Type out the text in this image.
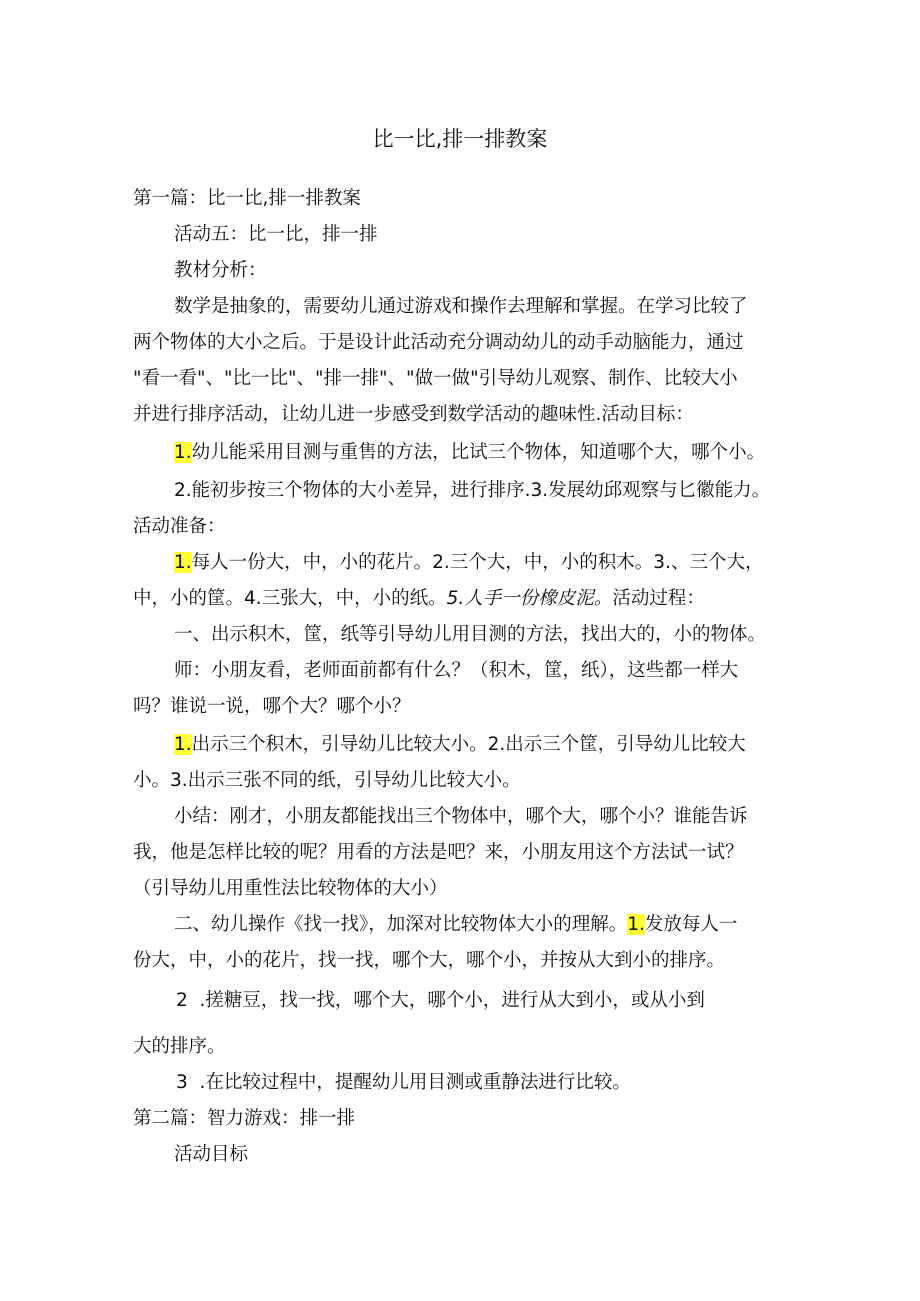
比一比,排一排教案
第一篇：比一比,排一排教案
活动五：比一比，排一排
教材分析：
数学是抽象的，需要幼儿通过游戏和操作去理解和掌握。在学习比较了
两个物体的大小之后。于是设计此活动充分调动幼儿的动手动脑能力，通过
"看一看"、"比一比"、"排一排"、"做一做"引导幼儿观察、制作、比较大小
并进行排序活动，让幼儿进一步感受到数学活动的趣味性.活动目标：
1.幼儿能采用目测与重售的方法，比试三个物体，知道哪个大，哪个小。
2.能初步按三个物体的大小差异，进行排序.3.发展幼邱观察与匕徽能力。
活动准备：
1.每人一份大，中，小的花片。2.三个大，中，小的积木。3.、三个大，
中，小的筐。4.三张大，中，小的纸。5.人手一份橡皮泥。活动过程：
一、出示积木，筐，纸等引导幼儿用目测的方法，找出大的，小的物体。
师：小朋友看，老师面前都有什么？（积木，筐，纸），这些都一样大
吗？谁说一说，哪个大？哪个小？
1.出示三个积木，引导幼儿比较大小。2.出示三个筐，引导幼儿比较大
小。3.出示三张不同的纸，引导幼儿比较大小。
小结：刚才，小朋友都能找出三个物体中，哪个大，哪个小？谁能告诉
我，他是怎样比较的呢？用看的方法是吧？来，小朋友用这个方法试一试？
（引导幼儿用重性法比较物体的大小）
二、幼儿操作《找一找》，加深对比较物体大小的理解。1.发放每人一
份大，中，小的花片，找一找，哪个大，哪个小，并按从大到小的排序。
2  .搓糖豆，找一找，哪个大，哪个小，进行从大到小，或从小到
大的排序。
3  .在比较过程中，提醒幼儿用目测或重静法进行比较。
第二篇：智力游戏：排一排
活动目标
